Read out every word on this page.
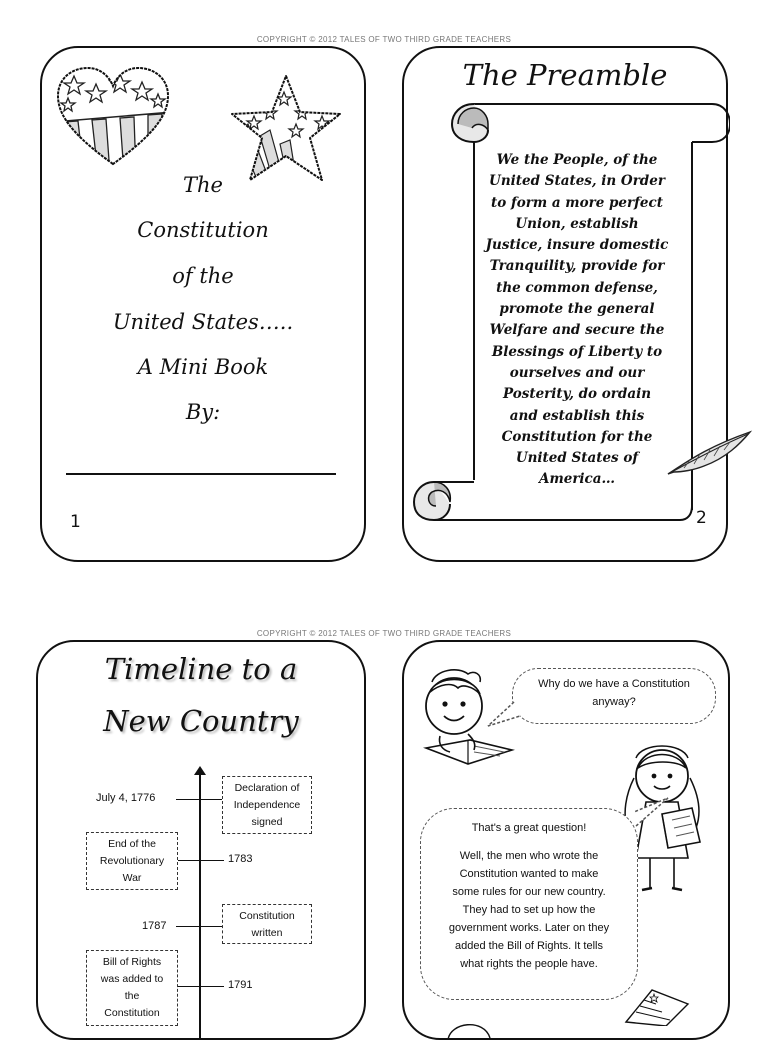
COPYRIGHT © 2012 TALES OF TWO THIRD GRADE TEACHERS
COPYRIGHT © 2012 TALES OF TWO THIRD GRADE TEACHERS
The
Constitution
of the
United States…..
A Mini Book
By:
1
The Preamble
We the People, of the
United States, in Order
to form a more perfect
Union, establish
Justice, insure domestic
Tranquility, provide for
the common defense,
promote the general
Welfare and secure the
Blessings of Liberty to
ourselves and our
Posterity, do ordain
and establish this
Constitution for the
United States of
America…
2
Timeline to a
New Country
July 4, 1776
Declaration of
Independence
signed
End of the
Revolutionary
War
1783
1787
Constitution
written
Bill of Rights
was added to
the
Constitution
1791
Why do we have a Constitution
anyway?
That's a great question!
Well, the men who wrote the
Constitution wanted to make
some rules for our new country.
They had to set up how the
government works. Later on they
added the Bill of Rights. It tells
what rights the people have.
